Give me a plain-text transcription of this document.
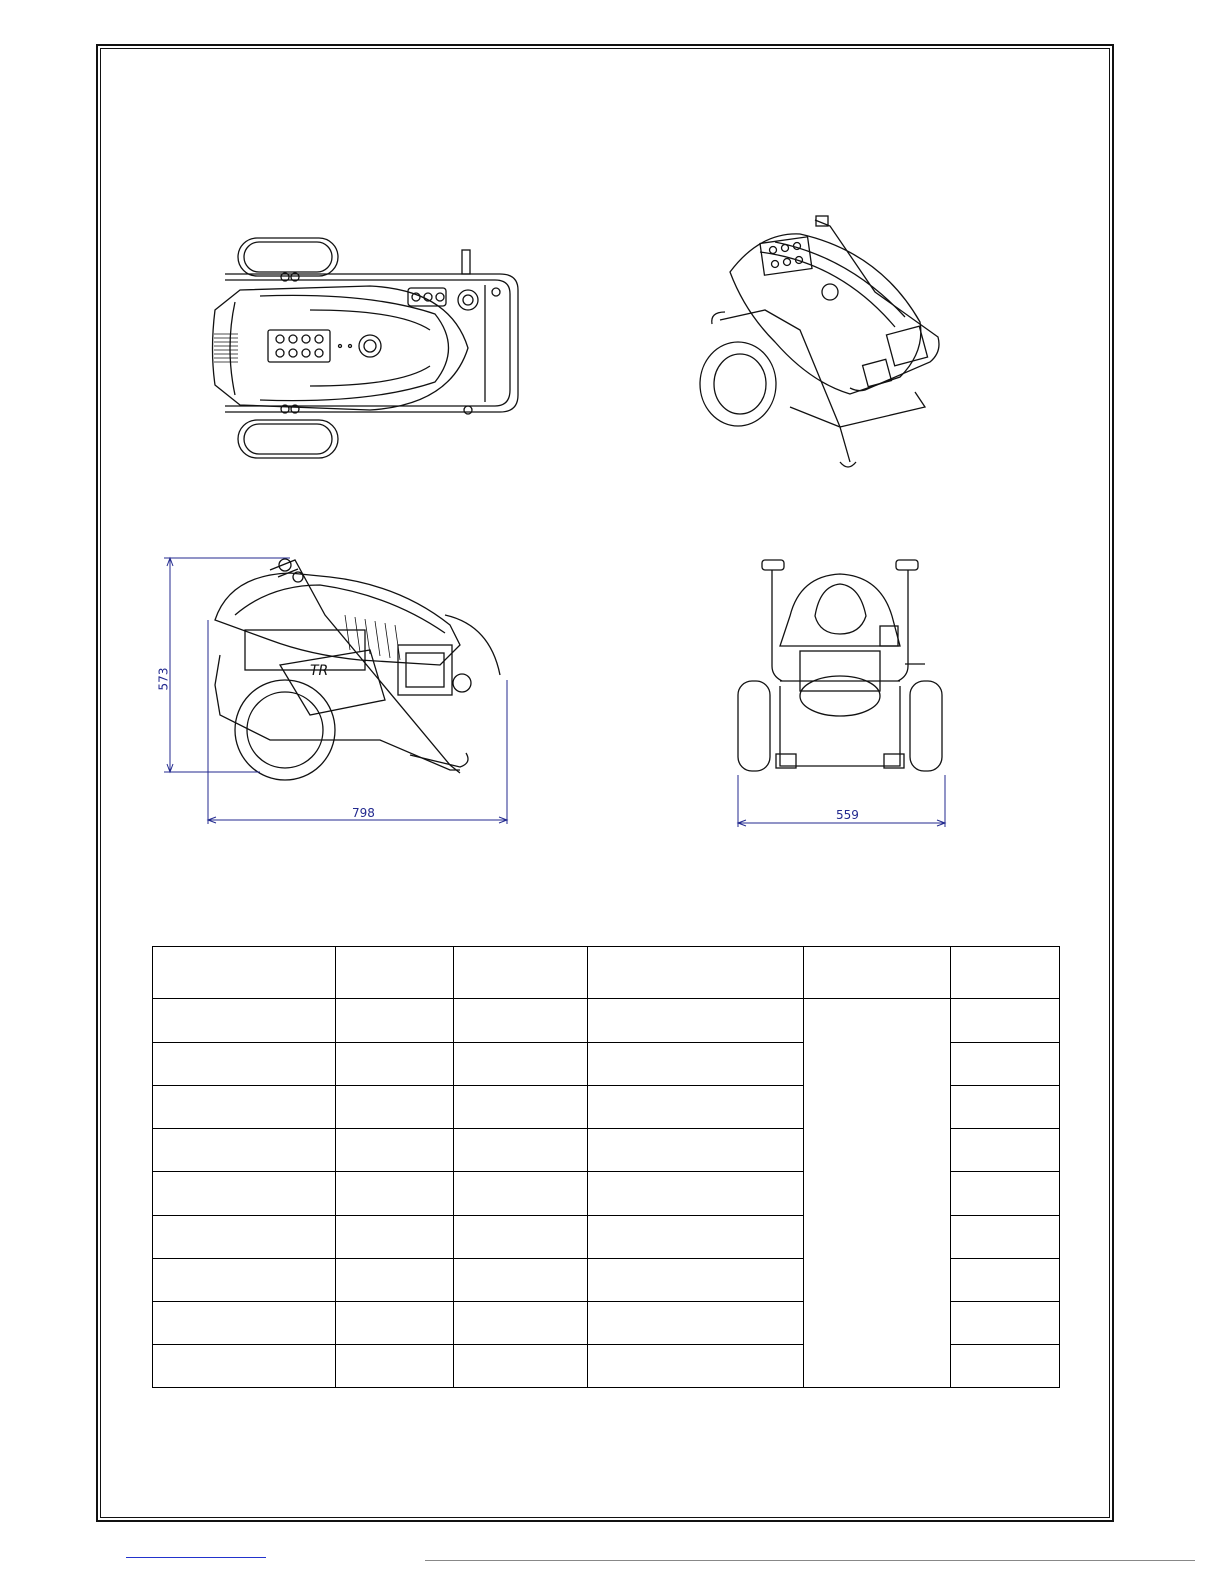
TR
573
798	559
